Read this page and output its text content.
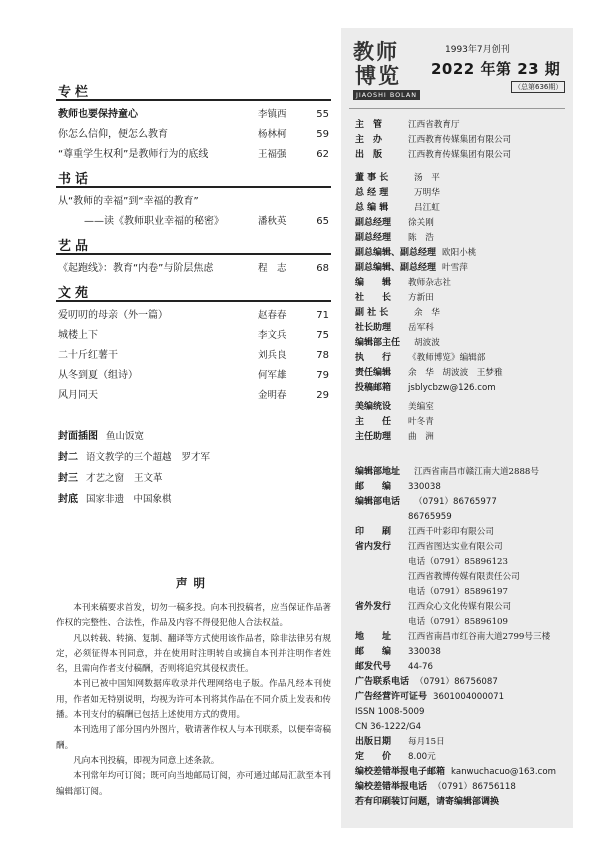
专栏
教师也要保持童心	李镇西	55
你怎么信仰，便怎么教育	杨林柯	59
“尊重学生权利”是教师行为的底线	王福强	62
书话
从“教师的幸福”到“幸福的教育”
——读《教师职业幸福的秘密》	潘秋英	65
艺品
《起跑线》：教育“内卷”与阶层焦虑	程　志	68
文苑
爱叨叨的母亲（外一篇）	赵春春	71
城楼上下	李文兵	75
二十斤红薯干	刘兵良	78
从冬到夏（组诗）	何军雄	79
风月同天	金明春	29
封面插图 鱼山饭宽
封二 语文教学的三个超越 罗才军
封三 才艺之窗 王文革
封底 国家非遗　中国象棋
声明

本刊来稿要求首发，切勿一稿多投。向本刊投稿者，应当保证作品著作权的完整性、合法性，作品及内容不得侵犯他人合法权益。

凡以转载、转摘、复制、翻译等方式使用该作品者，除非法律另有规定，必须征得本刊同意，并在使用时注明转自或摘自本刊并注明作者姓名，且需向作者支付稿酬，否则将追究其侵权责任。

本刊已被中国知网数据库收录并代理网络电子版。作品凡经本刊使用，作者如无特别说明，均视为许可本刊将其作品在不同介质上发表和传播。本刊支付的稿酬已包括上述使用方式的费用。

本刊选用了部分国内外图片，敬请著作权人与本刊联系，以便奉寄稿酬。

凡向本刊投稿，即视为同意上述条款。

本刊常年均可订阅；既可向当地邮局订阅，亦可通过邮局汇款至本刊编辑部订阅。

教师
博览
JIAOSHI BOLAN
1993年7月创刊
2022 年第 23 期
（总第636期）
主　管	江西省教育厅
主　办	江西教育传媒集团有限公司
出　版	江西教育传媒集团有限公司
董 事 长	汤　平
总 经 理	万明华
总 编 辑	吕江虹
副总经理	徐关刚
副总经理	陈　浩
副总编辑、副总经理 欧阳小桃
副总编辑、副总经理 叶雪萍
编　　辑	教师杂志社
社　　长	方新田
副 社 长	余　华
社长助理	岳军科
编辑部主任	胡波波
执　　行	《教师博览》编辑部
责任编辑	余　华　胡波波　王梦雅
投稿邮箱	jsblycbzw@126.com
美编统设	美编室
主　　任	叶冬青
主任助理	曲　洲
编辑部地址	江西省南昌市赣江南大道2888号
邮　　编	330038
编辑部电话	（0791）86765977
86765959
印　　刷	江西千叶彩印有限公司
省内发行	江西省图达实业有限公司
电话（0791）85896123
江西省教博传媒有限责任公司
电话（0791）85896197
省外发行	江西众心文化传媒有限公司
电话（0791）85896109
地　　址	江西省南昌市红谷南大道2799号三楼
邮　　编	330038
邮发代号	44-76
广告联系电话 （0791）86756087
广告经营许可证号 3601004000071
ISSN 1008-5009
CN 36-1222/G4
出版日期	每月15日
定　　价	8.00元
编校差错举报电子邮箱 kanwuchacuo@163.com
编校差错举报电话 （0791）86756118
若有印刷装订问题，请寄编辑部调换
